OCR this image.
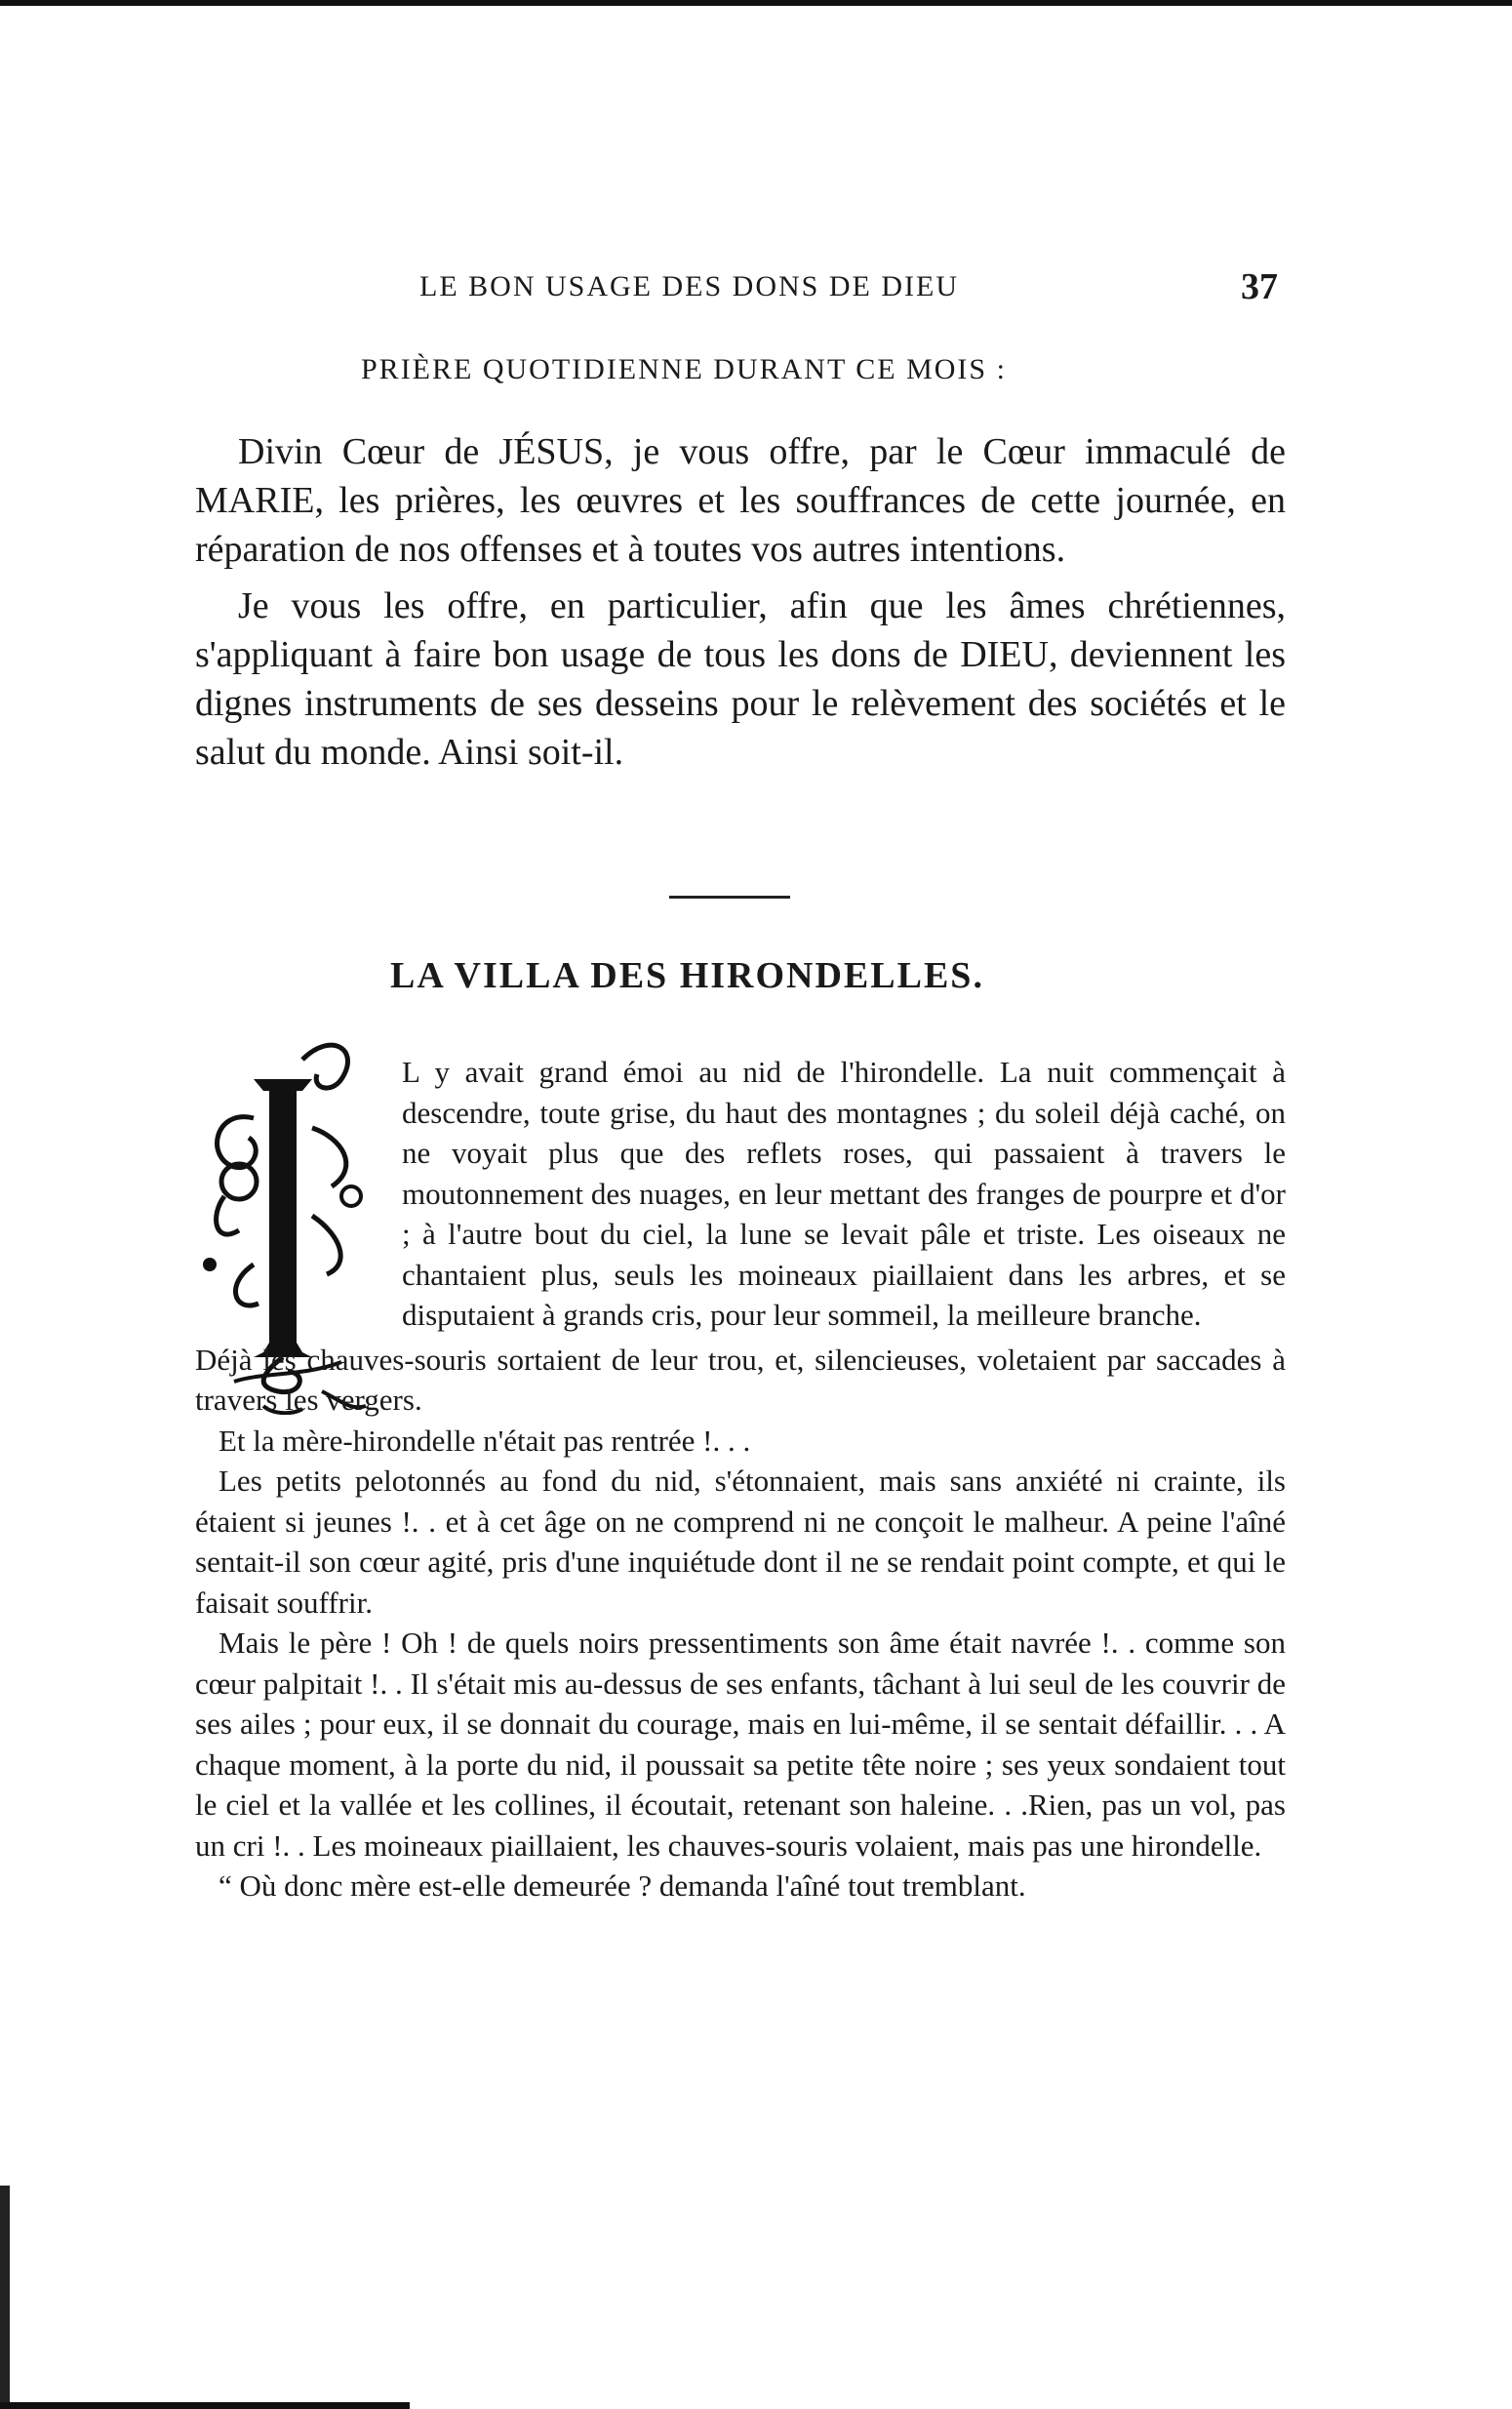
LE BON USAGE DES DONS DE DIEU	37
PRIÈRE QUOTIDIENNE DURANT CE MOIS :

Divin Cœur de JÉSUS, je vous offre, par le Cœur immaculé de MARIE, les prières, les œuvres et les souffrances de cette journée, en réparation de nos offenses et à toutes vos autres intentions.

Je vous les offre, en particulier, afin que les âmes chrétiennes, s'appliquant à faire bon usage de tous les dons de DIEU, deviennent les dignes instruments de ses desseins pour le relèvement des sociétés et le salut du monde. Ainsi soit-il.

LA VILLA DES HIRONDELLES.

L y avait grand émoi au nid de l'hirondelle. La nuit commençait à descendre, toute grise, du haut des montagnes ; du soleil déjà caché, on ne voyait plus que des reflets roses, qui passaient à travers le moutonnement des nuages, en leur mettant des franges de pourpre et d'or ; à l'autre bout du ciel, la lune se levait pâle et triste. Les oiseaux ne chantaient plus, seuls les moineaux piaillaient dans les arbres, et se disputaient à grands cris, pour leur sommeil, la meilleure branche.

Déjà les chauves-souris sortaient de leur trou, et, silencieuses, voletaient par saccades à travers les vergers.

Et la mère-hirondelle n'était pas rentrée !. . .

Les petits pelotonnés au fond du nid, s'étonnaient, mais sans anxiété ni crainte, ils étaient si jeunes !. . et à cet âge on ne comprend ni ne conçoit le malheur. A peine l'aîné sentait-il son cœur agité, pris d'une inquiétude dont il ne se rendait point compte, et qui le faisait souffrir.

Mais le père ! Oh ! de quels noirs pressentiments son âme était navrée !. . comme son cœur palpitait !. . Il s'était mis au-dessus de ses enfants, tâchant à lui seul de les couvrir de ses ailes ; pour eux, il se donnait du courage, mais en lui-même, il se sentait défaillir. . . A chaque moment, à la porte du nid, il poussait sa petite tête noire ; ses yeux sondaient tout le ciel et la vallée et les collines, il écoutait, retenant son haleine. . .Rien, pas un vol, pas un cri !. . Les moineaux piaillaient, les chauves-souris volaient, mais pas une hirondelle.

“ Où donc mère est-elle demeurée ? demanda l'aîné tout tremblant.
